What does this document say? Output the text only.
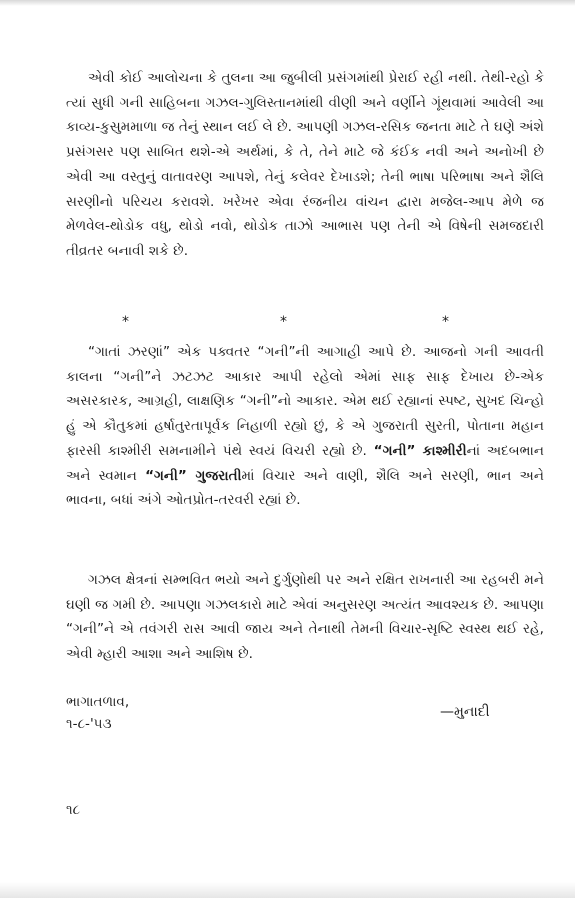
એવી કોઈ આલોચના કે તુલના આ જુબીલી પ્રસંગમાંથી પ્રેરાઈ રહી નથી. તેથી-રહો કે ત્યાં સુધી ગની સાહિબના ગઝલ-ગુલિસ્તાનમાંથી વીણી અને વર્ણીને ગૂંથવામાં આવેલી આ કાવ્ય-કુસુમમાળા જ તેનું સ્થાન લઈ લે છે. આપણી ગઝલ-રસિક જનતા માટે તે ઘણે અંશે પ્રસંગસર પણ સાબિત થશે-એ અર્થમાં, કે તે, તેને માટે જે કંઈક નવી અને અનોખી છે એવી આ વસ્તુનું વાતાવરણ આપશે, તેનું કલેવર દેખાડશે; તેની ભાષા પરિભાષા અને શૈલિ સરણીનો પરિચય કરાવશે. ખરેખર એવા રંજનીય વાંચન દ્વારા મજેલ-આપ મેળે જ મેળવેલ-થોડોક વધુ, થોડો નવો, થોડોક તાઝો આભાસ પણ તેની એ વિષેની સમજદારી તીવ્રતર બનાવી શકે છે.

*	*	*

“ગાતાં ઝરણાં” એક પક્વતર “ગની”ની આગાહી આપે છે. આજનો ગની આવતી કાલના “ગની”ને ઝટઝટ આકાર આપી રહેલો એમાં સાફ સાફ દેખાય છે-એક અસરકારક, આગ્રહી, લાક્ષણિક “ગની”નો આકાર. એમ થઈ રહ્યાનાં સ્પષ્ટ, સુખદ ચિન્હો હું એ કૌતુકમાં હર્ષાતુરતાપૂર્વક નિહાળી રહ્યો છું, કે એ ગુજરાતી સુરતી, પોતાના મહાન ફારસી કાશ્મીરી સમનામીને પંથે સ્વયં વિચરી રહ્યો છે. “ગની” કાશ્મીરીનાં અદબભાન અને સ્વમાન “ગની” ગુજરાતીમાં વિચાર અને વાણી, શૈલિ અને સરણી, ભાન અને ભાવના, બધાં અંગે ઓતપ્રોત-તરવરી રહ્યાં છે.

ગઝલ ક્ષેત્રનાં સમ્ભવિત ભયો અને દુર્ગુણોથી પર અને રક્ષિત રાખનારી આ રહબરી મને ઘણી જ ગમી છે. આપણા ગઝલકારો માટે એવાં અનુસરણ અત્યંત આવશ્યક છે. આપણા “ગની”ને એ તવંગરી રાસ આવી જાય અને તેનાથી તેમની વિચાર-સૃષ્ટિ સ્વસ્થ થઈ રહે, એવી મ્હારી આશા અને આશિષ છે.

ભાગાતળાવ,
૧-૮-'૫૩
—મુનાદી
૧૮
